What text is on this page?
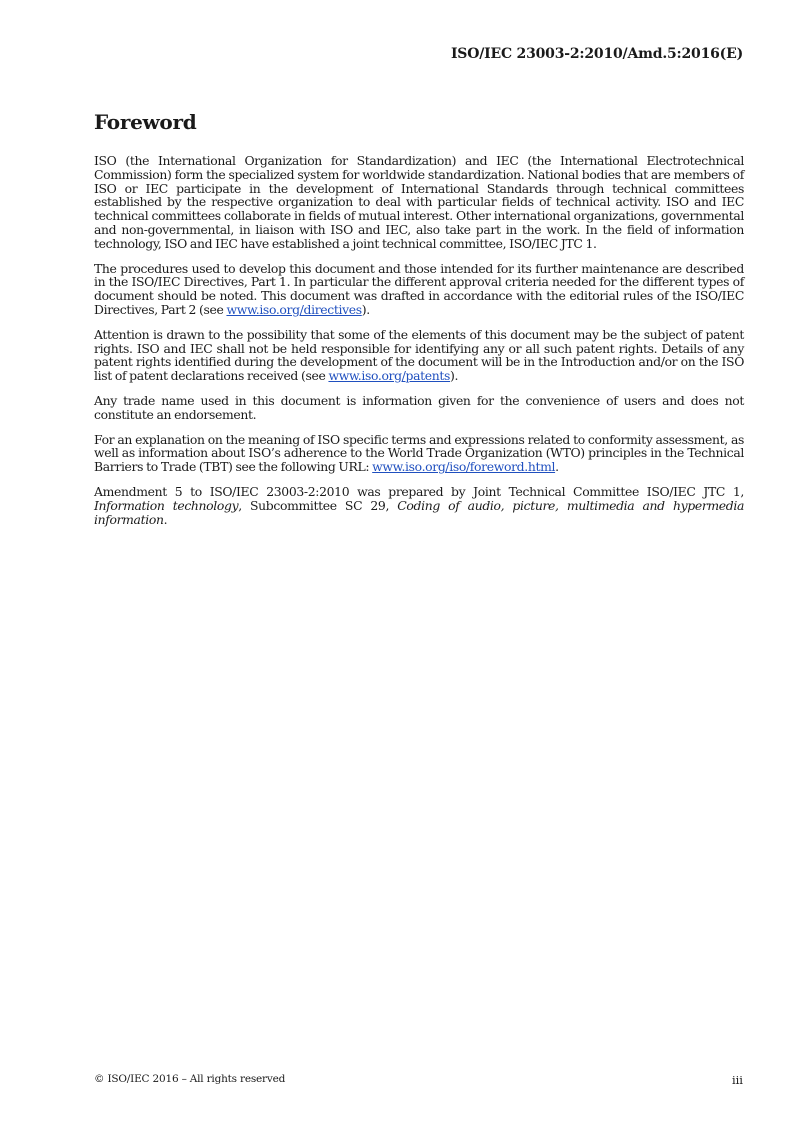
ISO/IEC 23003-2:2010/Amd.5:2016(E)
Foreword

ISO (the International Organization for Standardization) and IEC (the International Electrotechnical Commission) form the specialized system for worldwide standardization. National bodies that are members of ISO or IEC participate in the development of International Standards through technical committees established by the respective organization to deal with particular fields of technical activity. ISO and IEC technical committees collaborate in fields of mutual interest. Other international organizations, governmental and non-governmental, in liaison with ISO and IEC, also take part in the work. In the field of information technology, ISO and IEC have established a joint technical committee, ISO/IEC JTC 1.

The procedures used to develop this document and those intended for its further maintenance are described in the ISO/IEC Directives, Part 1. In particular the different approval criteria needed for the different types of document should be noted. This document was drafted in accordance with the editorial rules of the ISO/IEC Directives, Part 2 (see www.iso.org/directives).

Attention is drawn to the possibility that some of the elements of this document may be the subject of patent rights. ISO and IEC shall not be held responsible for identifying any or all such patent rights. Details of any patent rights identified during the development of the document will be in the Introduction and/or on the ISO list of patent declarations received (see www.iso.org/patents).

Any trade name used in this document is information given for the convenience of users and does not constitute an endorsement.

For an explanation on the meaning of ISO specific terms and expressions related to conformity assessment, as well as information about ISO’s adherence to the World Trade Organization (WTO) principles in the Technical Barriers to Trade (TBT) see the following URL: www.iso.org/iso/foreword.html.

Amendment 5 to ISO/IEC 23003-2:2010 was prepared by Joint Technical Committee ISO/IEC JTC 1, Information technology, Subcommittee SC 29, Coding of audio, picture, multimedia and hypermedia information.

© ISO/IEC 2016 – All rights reserved	iii
